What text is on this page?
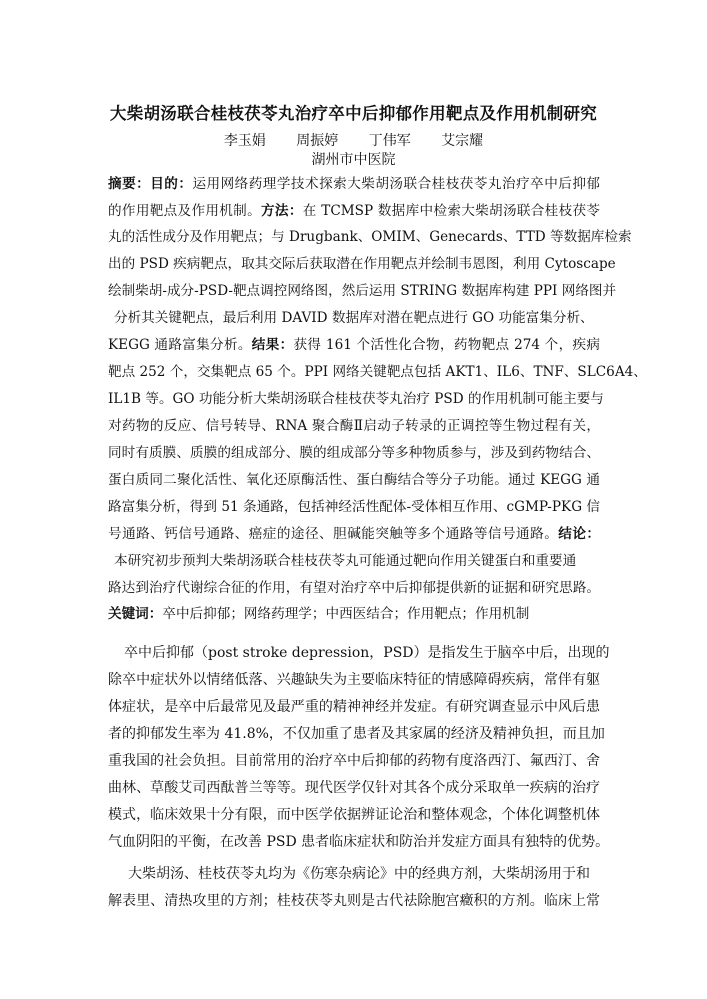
大柴胡汤联合桂枝茯苓丸治疗卒中后抑郁作用靶点及作用机制研究
李玉娟 周振婷 丁伟军 艾宗耀
湖州市中医院
摘要：目的：运用网络药理学技术探索大柴胡汤联合桂枝茯苓丸治疗卒中后抑郁
的作用靶点及作用机制。方法：在 TCMSP 数据库中检索大柴胡汤联合桂枝茯苓
丸的活性成分及作用靶点；与 Drugbank、OMIM、Genecards、TTD 等数据库检索
出的 PSD 疾病靶点，取其交际后获取潜在作用靶点并绘制韦恩图，利用 Cytoscape
绘制柴胡-成分-PSD-靶点调控网络图，然后运用 STRING 数据库构建 PPI 网络图并
分析其关键靶点，最后利用 DAVID 数据库对潜在靶点进行 GO 功能富集分析、
KEGG 通路富集分析。结果：获得 161 个活性化合物，药物靶点 274 个，疾病
靶点 252 个，交集靶点 65 个。PPI 网络关键靶点包括 AKT1、IL6、TNF、SLC6A4、
IL1B 等。GO 功能分析大柴胡汤联合桂枝茯苓丸治疗 PSD 的作用机制可能主要与
对药物的反应、信号转导、RNA 聚合酶Ⅱ启动子转录的正调控等生物过程有关，
同时有质膜、质膜的组成部分、膜的组成部分等多种物质参与，涉及到药物结合、
蛋白质同二聚化活性、氧化还原酶活性、蛋白酶结合等分子功能。通过 KEGG 通
路富集分析，得到 51 条通路，包括神经活性配体-受体相互作用、cGMP-PKG 信
号通路、钙信号通路、癌症的途径、胆碱能突触等多个通路等信号通路。结论：
本研究初步预判大柴胡汤联合桂枝茯苓丸可能通过靶向作用关键蛋白和重要通
路达到治疗代谢综合征的作用，有望对治疗卒中后抑郁提供新的证据和研究思路。
关键词：卒中后抑郁；网络药理学；中西医结合；作用靶点；作用机制
卒中后抑郁（post stroke depression，PSD）是指发生于脑卒中后，出现的
除卒中症状外以情绪低落、兴趣缺失为主要临床特征的情感障碍疾病，常伴有躯
体症状，是卒中后最常见及最严重的精神神经并发症。有研究调查显示中风后患
者的抑郁发生率为 41.8%，不仅加重了患者及其家属的经济及精神负担，而且加
重我国的社会负担。目前常用的治疗卒中后抑郁的药物有度洛西汀、氟西汀、舍
曲林、草酸艾司西酞普兰等等。现代医学仅针对其各个成分采取单一疾病的治疗
模式，临床效果十分有限，而中医学依据辨证论治和整体观念，个体化调整机体
气血阴阳的平衡，在改善 PSD 患者临床症状和防治并发症方面具有独特的优势。
大柴胡汤、桂枝茯苓丸均为《伤寒杂病论》中的经典方剂，大柴胡汤用于和
解表里、清热攻里的方剂；桂枝茯苓丸则是古代祛除胞宫癥积的方剂。临床上常
